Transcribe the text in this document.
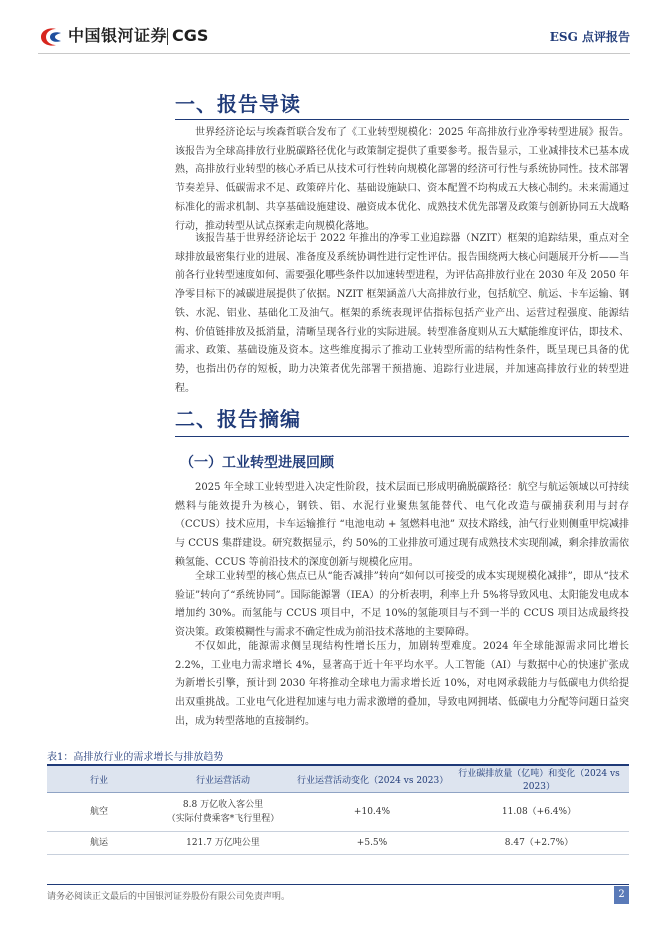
中国银河证券 CGS	ESG 点评报告
一、报告导读

世界经济论坛与埃森哲联合发布了《工业转型规模化：2025 年高排放行业净零转型进展》报告。该报告为全球高排放行业脱碳路径优化与政策制定提供了重要参考。报告显示，工业减排技术已基本成熟，高排放行业转型的核心矛盾已从技术可行性转向规模化部署的经济可行性与系统协同性。技术部署节奏差异、低碳需求不足、政策碎片化、基础设施缺口、资本配置不均构成五大核心制约。未来需通过标准化的需求机制、共享基础设施建设、融资成本优化、成熟技术优先部署及政策与创新协同五大战略行动，推动转型从试点探索走向规模化落地。

该报告基于世界经济论坛于 2022 年推出的净零工业追踪器（NZIT）框架的追踪结果，重点对全球排放最密集行业的进展、准备度及系统协调性进行定性评估。报告围绕两大核心问题展开分析——当前各行业转型速度如何、需要强化哪些条件以加速转型进程，为评估高排放行业在 2030 年及 2050 年净零目标下的减碳进展提供了依据。NZIT 框架涵盖八大高排放行业，包括航空、航运、卡车运输、钢铁、水泥、铝业、基础化工及油气。框架的系统表现评估指标包括产业产出、运营过程强度、能源结构、价值链排放及抵消量，清晰呈现各行业的实际进展。转型准备度则从五大赋能维度评估，即技术、需求、政策、基础设施及资本。这些维度揭示了推动工业转型所需的结构性条件，既呈现已具备的优势，也指出仍存的短板，助力决策者优先部署干预措施、追踪行业进展，并加速高排放行业的转型进程。

二、报告摘编
（一）工业转型进展回顾

2025 年全球工业转型进入决定性阶段，技术层面已形成明确脱碳路径：航空与航运领域以可持续燃料与能效提升为核心，钢铁、铝、水泥行业聚焦氢能替代、电气化改造与碳捕获利用与封存（CCUS）技术应用，卡车运输推行 “电池电动 + 氢燃料电池” 双技术路线，油气行业则侧重甲烷减排与 CCUS 集群建设。研究数据显示，约 50%的工业排放可通过现有成熟技术实现削减，剩余排放需依赖氢能、CCUS 等前沿技术的深度创新与规模化应用。

全球工业转型的核心焦点已从“能否减排”转向“如何以可接受的成本实现规模化减排”，即从“技术验证”转向了“系统协同”。国际能源署（IEA）的分析表明，利率上升 5%将导致风电、太阳能发电成本增加约 30%。而氢能与 CCUS 项目中，不足 10%的氢能项目与不到一半的 CCUS 项目达成最终投资决策。政策模糊性与需求不确定性成为前沿技术落地的主要障碍。

不仅如此，能源需求侧呈现结构性增长压力，加剧转型难度。2024 年全球能源需求同比增长 2.2%，工业电力需求增长 4%，显著高于近十年平均水平。人工智能（AI）与数据中心的快速扩张成为新增长引擎，预计到 2030 年将推动全球电力需求增长近 10%，对电网承载能力与低碳电力供给提出双重挑战。工业电气化进程加速与电力需求激增的叠加，导致电网拥堵、低碳电力分配等问题日益突出，成为转型落地的直接制约。

表1：高排放行业的需求增长与排放趋势
行业	行业运营活动	行业运营活动变化（2024 vs 2023）	行业碳排放量（亿吨）和变化（2024 vs 2023）
航空	8.8 万亿收入客公里
（实际付费乘客*飞行里程）	+10.4%	11.08（+6.4%）
航运	121.7 万亿吨公里	+5.5%	8.47（+2.7%）
请务必阅读正文最后的中国银河证券股份有限公司免责声明。	2
